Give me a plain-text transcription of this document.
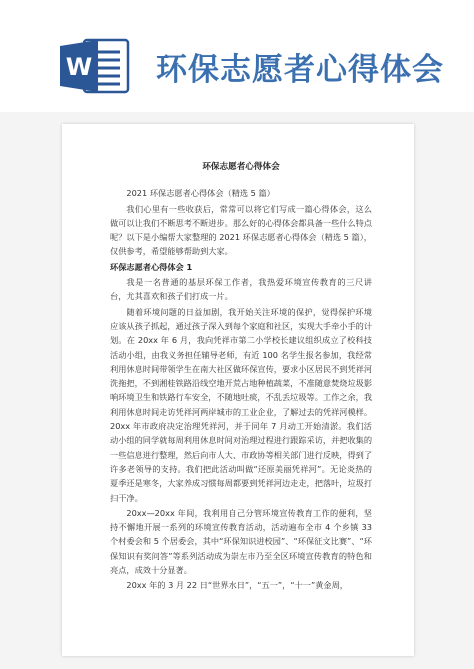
W 环保志愿者心得体会
环保志愿者心得体会

2021 环保志愿者心得体会（精选 5 篇）

我们心里有一些收获后，常常可以将它们写成一篇心得体会，这么做可以让我们不断思考不断进步。那么好的心得体会都具备一些什么特点呢？以下是小编帮大家整理的 2021 环保志愿者心得体会（精选 5 篇），仅供参考，希望能够帮助到大家。

环保志愿者心得体会 1

我是一名普通的基层环保工作者，我热爱环境宣传教育的三尺讲台，尤其喜欢和孩子们打成一片。

随着环境问题的日益加剧，我开始关注环境的保护，觉得保护环境应该从孩子抓起，通过孩子深入到每个家庭和社区，实现大手牵小手的计划。在 20xx 年 6 月，我向凭祥市第二小学校长建议组织成立了校科技活动小组，由我义务担任辅导老师，有近 100 名学生报名参加，我经常利用休息时间带领学生在南大社区做环保宣传，要求小区居民不到凭祥河洗拖把，不到湘桂铁路沿线空地开荒占地种植蔬菜，不准随意焚烧垃圾影响环境卫生和铁路行车安全，不随地吐痰，不乱丢垃圾等。工作之余，我利用休息时间走访凭祥河两岸城市的工业企业，了解过去的凭祥河模样。20xx 年市政府决定治理凭祥河，并于同年 7 月动工开始清淤。我们活动小组的同学就每周利用休息时间对治理过程进行跟踪采访，并把收集的一些信息进行整理，然后向市人大、市政协等相关部门进行反映，得到了许多老领导的支持。我们把此活动叫做“还原美丽凭祥河”。无论炎热的夏季还是寒冬，大家养成习惯每周都要到凭祥河边走走，把落叶，垃圾打扫干净。

20xx—20xx 年间，我利用自己分管环境宣传教育工作的便利，坚持不懈地开展一系列的环境宣传教育活动，活动遍布全市 4 个乡镇 33 个村委会和 5 个居委会，其中“环保知识进校园”、“环保征文比赛”、“环保知识有奖问答”等系列活动成为崇左市乃至全区环境宣传教育的特色和亮点，成效十分显著。

20xx 年的 3 月 22 日“世界水日”，“五一”，“十一”黄金周，
